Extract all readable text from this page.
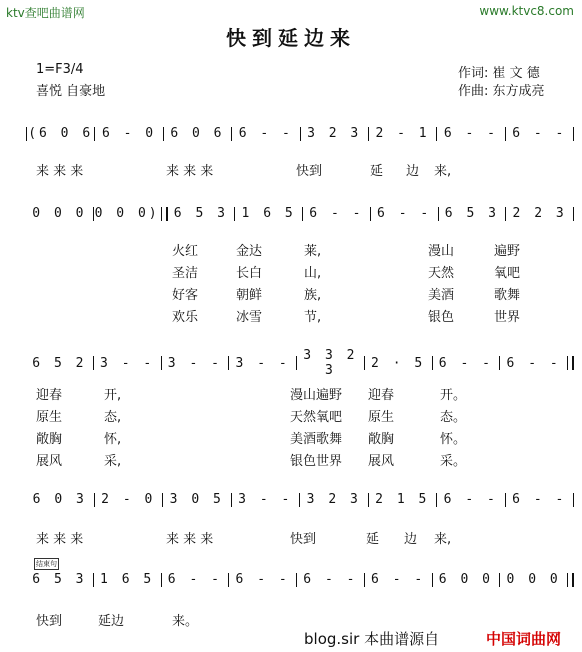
ktv查吧曲谱网	www.ktvc8.com
快到延边来
1=F3/4
喜悦 自豪地
作词: 崔 文 德
作曲: 东方成亮
(6 0 6 6 - 0	6 0 6	6 - -	3 2 3	2 - 1	6 - -	6 - -
来 来 来	来 来 来	快到	延 边 来,
0 0 0 0 0 0)	6 5 3	1 6 5	6 - -	6 - -	6 5 3	2 2 3
火红	金达	莱,	漫山	遍野
圣洁	长白	山,	天然	氧吧
好客	朝鲜	族,	美酒	歌舞
欢乐	冰雪	节,	银色	世界
6 5 2	3 - -	3 - -	3 - -	3 3 2 3	2 · 5	6 - -	6 - -
迎春	开,	漫山遍野 迎春	开。
原生	态,	天然氧吧 原生	态。
敞胸	怀,	美酒歌舞 敞胸	怀。
展风	采,	银色世界 展风	采。
6 0 3	2 - 0	3 0 5	3 - -	3 2 3	2 1 5	6 - -	6 - -
来 来 来	来 来 来	快到	延 边 来,
结束句
6 5 3	1 6 5	6 - -	6 - -	6 - -	6 - -	6 0 0	0 0 0
快到	延边	来。
blog.sir 本曲谱源自	中国词曲网
